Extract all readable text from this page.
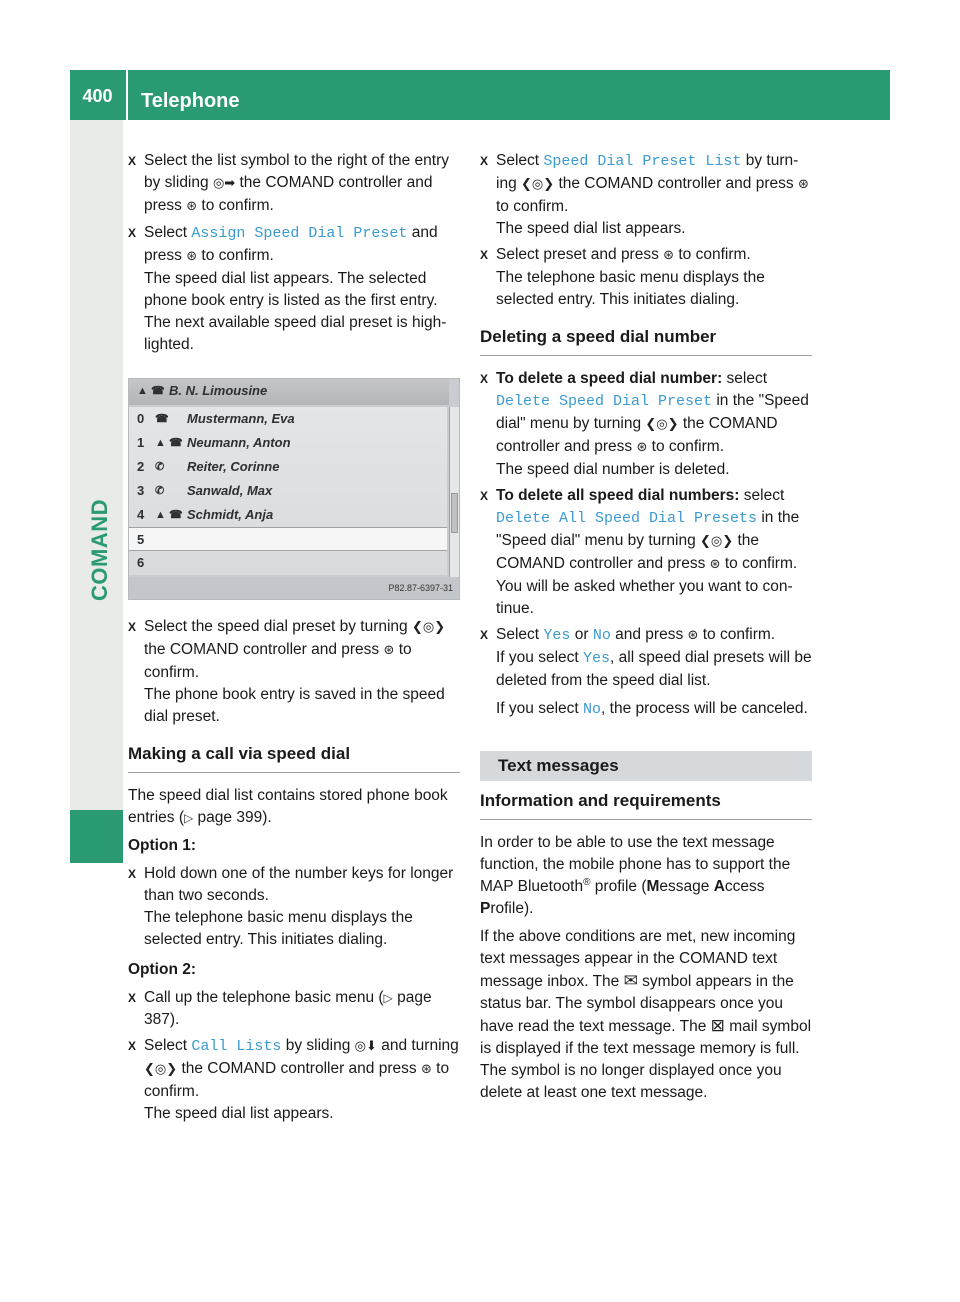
400	Telephone
COMAND
X Select the list symbol to the right of the entry by sliding ◎➡ the COMAND controller and press ⊛ to confirm.
X Select Assign Speed Dial Preset and press ⊛ to confirm.
The speed dial list appears. The selected phone book entry is listed as the first entry. The next available speed dial preset is highlighted.
▲ ☎ B. N. Limousine
0 ☎ Mustermann, Eva
1 ▲ ☎ Neumann, Anton
2 ✆ Reiter, Corinne
3 ✆ Sanwald, Max
4 ▲ ☎ Schmidt, Anja
5
6
P82.87-6397-31
X Select the speed dial preset by turning ❮◎❯ the COMAND controller and press ⊛ to confirm.
The phone book entry is saved in the speed dial preset.
Making a call via speed dial
The speed dial list contains stored phone book entries (▷ page 399).
Option 1:
X Hold down one of the number keys for longer than two seconds.
The telephone basic menu displays the selected entry. This initiates dialing.
Option 2:
X Call up the telephone basic menu (▷ page 387).
X Select Call Lists by sliding ◎⬇ and turning ❮◎❯ the COMAND controller and press ⊛ to confirm.
The speed dial list appears.
X Select Speed Dial Preset List by turning ❮◎❯ the COMAND controller and press ⊛ to confirm.
The speed dial list appears.
X Select preset and press ⊛ to confirm.
The telephone basic menu displays the selected entry. This initiates dialing.
Deleting a speed dial number
X To delete a speed dial number: select Delete Speed Dial Preset in the "Speed dial" menu by turning ❮◎❯ the COMAND controller and press ⊛ to confirm.
The speed dial number is deleted.
X To delete all speed dial numbers: select Delete All Speed Dial Presets in the "Speed dial" menu by turning ❮◎❯ the COMAND controller and press ⊛ to confirm.
You will be asked whether you want to continue.
X Select Yes or No and press ⊛ to confirm.
If you select Yes, all speed dial presets will be deleted from the speed dial list.

If you select No, the process will be canceled.
Text messages
Information and requirements
In order to be able to use the text message function, the mobile phone has to support the MAP Bluetooth® profile (Message Access Profile).
If the above conditions are met, new incoming text messages appear in the COMAND text message inbox. The ✉ symbol appears in the status bar. The symbol disappears once you have read the text message. The ⊠ mail symbol is displayed if the text message memory is full. The symbol is no longer displayed once you delete at least one text message.
